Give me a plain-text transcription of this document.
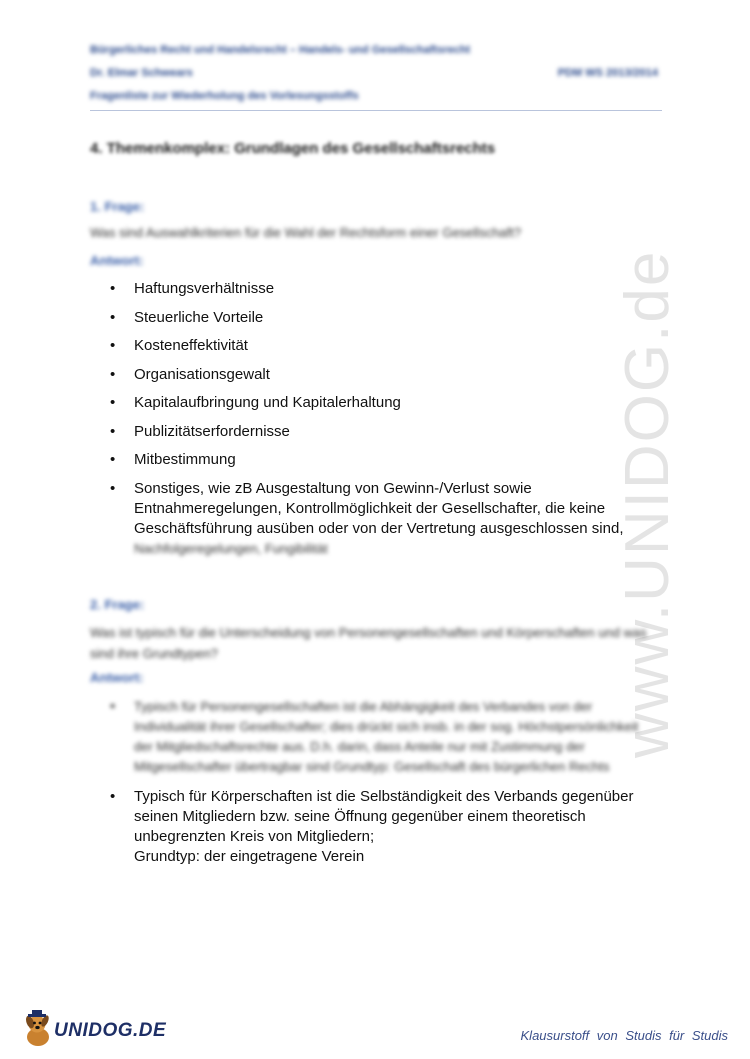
www.UNIDOG.de
Bürgerliches Recht und Handelsrecht – Handels- und Gesellschaftsrecht
Dr. Elmar Schwears	PDM WS 2013/2014
Fragenliste zur Wiederholung des Vorlesungsstoffs
4. Themenkomplex: Grundlagen des Gesellschaftsrechts
1. Frage:
Was sind Auswahlkriterien für die Wahl der Rechtsform einer Gesellschaft?
Antwort:
• Haftungsverhältnisse
• Steuerliche Vorteile
• Kosteneffektivität
• Organisationsgewalt
• Kapitalaufbringung und Kapitalerhaltung
• Publizitätserfordernisse
• Mitbestimmung
• Sonstiges, wie zB Ausgestaltung von Gewinn-/Verlust sowie Entnahmeregelungen, Kontrollmöglichkeit der Gesellschafter, die keine Geschäftsführung ausüben oder von der Vertretung ausgeschlossen sind,
Nachfolgeregelungen, Fungibilität
2. Frage:
Was ist typisch für die Unterscheidung von Personengesellschaften und Körperschaften und was sind ihre Grundtypen?
Antwort:
• Typisch für Personengesellschaften ist die Abhängigkeit des Verbandes von der Individualität ihrer Gesellschafter; dies drückt sich insb. in der sog. Höchstpersönlichkeit der Mitgliedschaftsrechte aus. D.h. darin, dass Anteile nur mit Zustimmung der Mitgesellschafter übertragbar sind Grundtyp: Gesellschaft des bürgerlichen Rechts
• Typisch für Körperschaften ist die Selbständigkeit des Verbands gegenüber
seinen Mitgliedern bzw. seine Öffnung gegenüber einem theoretisch
unbegrenzten Kreis von Mitgliedern;
Grundtyp: der eingetragene Verein
UNIDOG.DE	Klausurstoff von Studis für Studis
